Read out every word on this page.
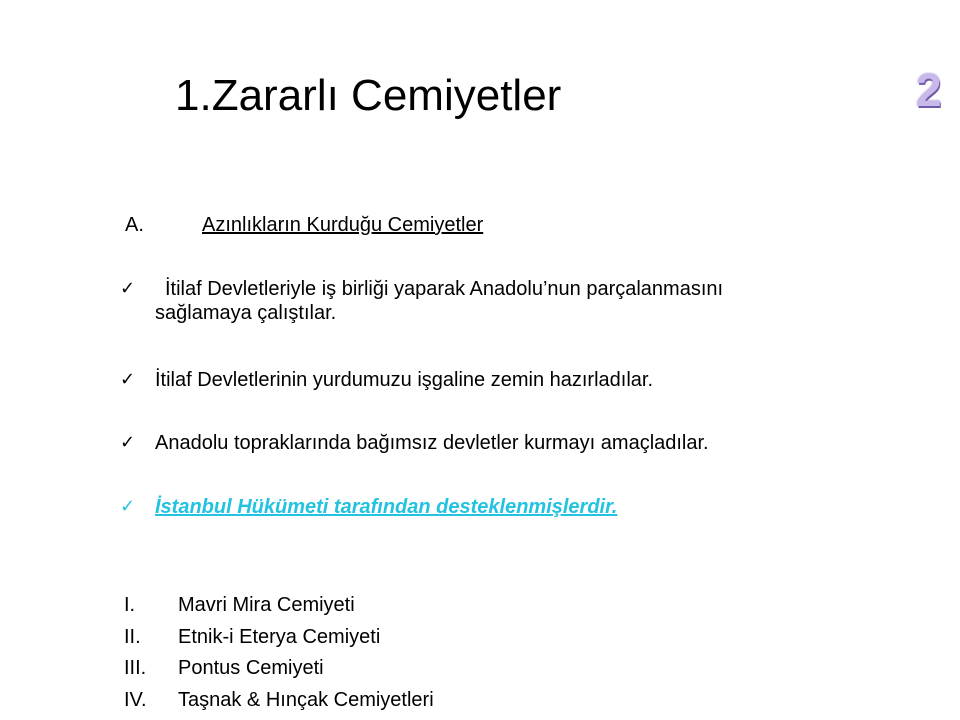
1.Zararlı Cemiyetler	2
A.	Azınlıkların Kurduğu Cemiyetler
✓	İtilaf Devletleriyle iş birliği yaparak Anadolu’nun parçalanmasını
sağlamaya çalıştılar.
✓ İtilaf Devletlerinin yurdumuzu işgaline zemin hazırladılar.
✓ Anadolu topraklarında bağımsız devletler kurmayı amaçladılar.
✓ İstanbul Hükümeti tarafından desteklenmişlerdir.
I.	Mavri Mira Cemiyeti
II.	Etnik-i Eterya Cemiyeti
III.	Pontus Cemiyeti
IV.	Taşnak & Hınçak Cemiyetleri
